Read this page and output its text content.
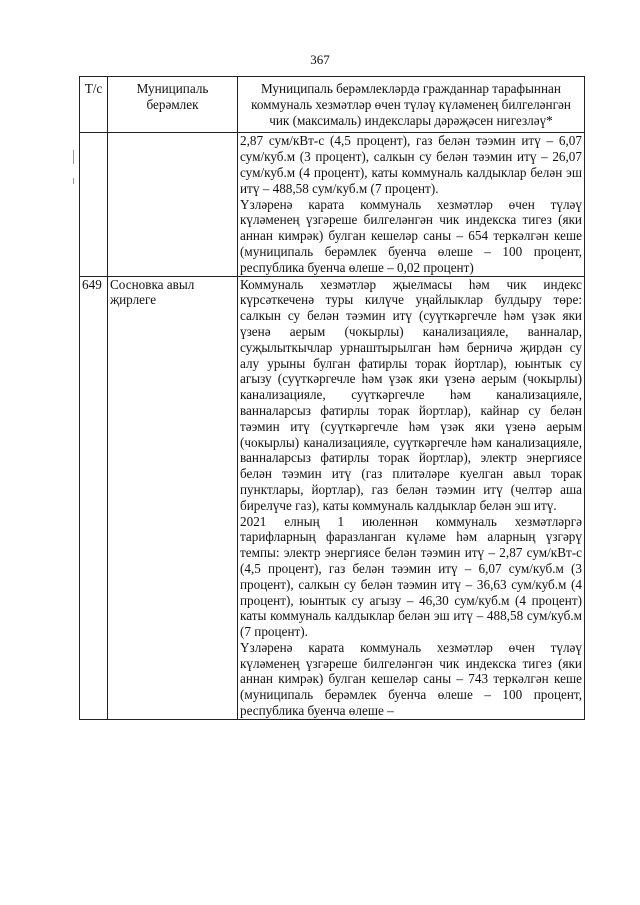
367
Т/с	Муниципаль берәмлек	Муниципаль берәмлекләрдә гражданнар тарафыннан коммуналь хезмәтләр өчен түләү күләменең билгеләнгән чик (максималь) индекслары дәрәҗәсен нигезләү*

		2,87 сум/кВт-с (4,5 процент), газ белән тәэмин итү – 6,07 сум/куб.м (3 процент), салкын су белән тәэмин итү – 26,07 сум/куб.м (4 процент), каты коммуналь калдыклар белән эш итү – 488,58 сум/куб.м (7 процент).
Үзләренә карата коммуналь хезмәтләр өчен түләү күләменең үзгәреше билгеләнгән чик индекска тигез (яки аннан кимрәк) булган кешеләр саны – 654 теркәлгән кеше (муниципаль берәмлек буенча өлеше – 100 процент, республика буенча өлеше – 0,02 процент)

649	Сосновка авыл җирлеге	Коммуналь хезмәтләр җыелмасы һәм чик индекс күрсәткеченә туры килүче уңайлыклар булдыру төре: салкын су белән тәэмин итү (суүткәргечле һәм үзәк яки үзенә аерым (чокырлы) канализацияле, ванналар, суҗылыткычлар урнаштырылган һәм берничә җирдән су алу урыны булган фатирлы торак йортлар), юынтык су агызу (суүткәргечле һәм үзәк яки үзенә аерым (чокырлы) канализацияле, суүткәргечле һәм канализацияле, ванналарсыз фатирлы торак йортлар), кайнар су белән тәэмин итү (суүткәргечле һәм үзәк яки үзенә аерым (чокырлы) канализацияле, суүткәргечле һәм канализацияле, ванналарсыз фатирлы торак йортлар), электр энергиясе белән тәэмин итү (газ плитәләре куелган авыл торак пунктлары, йортлар), газ белән тәэмин итү (челтәр аша бирелүче газ), каты коммуналь калдыклар белән эш итү.
2021 елның 1 июленнән коммуналь хезмәтләргә тарифларның фаразланган күләме һәм аларның үзгәрү темпы: электр энергиясе белән тәэмин итү – 2,87 сум/кВт-с (4,5 процент), газ белән тәэмин итү – 6,07 сум/куб.м (3 процент), салкын су белән тәэмин итү – 36,63 сум/куб.м (4 процент), юынтык су агызу – 46,30 сум/куб.м (4 процент) каты коммуналь калдыклар белән эш итү – 488,58 сум/куб.м (7 процент).
Үзләренә карата коммуналь хезмәтләр өчен түләү күләменең үзгәреше билгеләнгән чик индекска тигез (яки аннан кимрәк) булган кешеләр саны – 743 теркәлгән кеше (муниципаль берәмлек буенча өлеше – 100 процент, республика буенча өлеше –
